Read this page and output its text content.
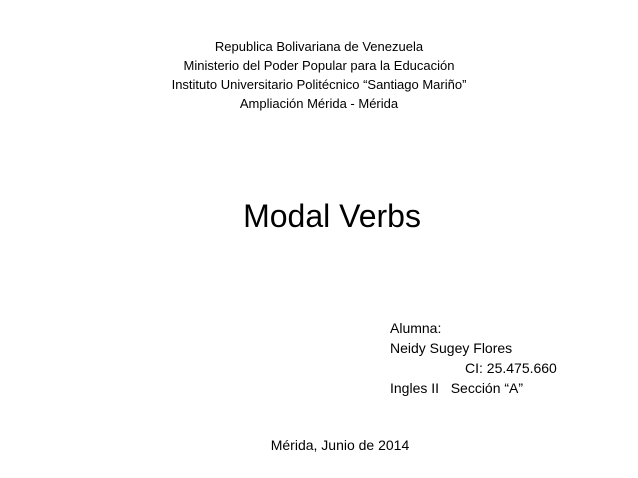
Republica Bolivariana de Venezuela
Ministerio del Poder Popular para la Educación
Instituto Universitario Politécnico “Santiago Mariño”
Ampliación Mérida - Mérida
Modal Verbs
Alumna:
Neidy Sugey Flores
CI: 25.475.660
Ingles II   Sección “A”
Mérida, Junio de 2014
